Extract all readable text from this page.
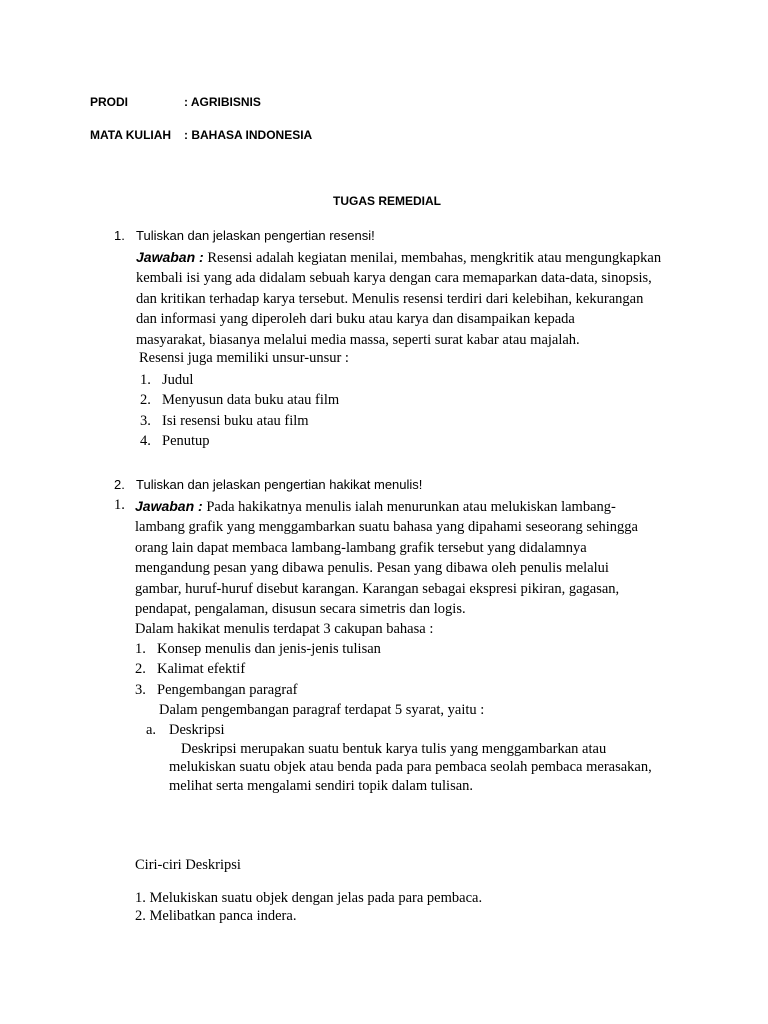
PRODI	: AGRIBISNIS
MATA KULIAH : BAHASA INDONESIA
TUGAS REMEDIAL
1. Tuliskan dan jelaskan pengertian resensi!
Jawaban : Resensi adalah kegiatan menilai, membahas, mengkritik atau mengungkapkan
kembali isi yang ada didalam sebuah karya dengan cara memaparkan data-data, sinopsis,
dan kritikan terhadap karya tersebut. Menulis resensi terdiri dari kelebihan, kekurangan
dan informasi yang diperoleh dari buku atau karya dan disampaikan kepada
masyarakat, biasanya melalui media massa, seperti surat kabar atau majalah.
Resensi juga memiliki unsur-unsur :
1. Judul
2. Menyusun data buku atau film
3. Isi resensi buku atau film
4. Penutup
2. Tuliskan dan jelaskan pengertian hakikat menulis!
1. Jawaban : Pada hakikatnya menulis ialah menurunkan atau melukiskan lambang-
lambang grafik yang menggambarkan suatu bahasa yang dipahami seseorang sehingga
orang lain dapat membaca lambang-lambang grafik tersebut yang didalamnya
mengandung pesan yang dibawa penulis. Pesan yang dibawa oleh penulis melalui
gambar, huruf-huruf disebut karangan. Karangan sebagai ekspresi pikiran, gagasan,
pendapat, pengalaman, disusun secara simetris dan logis.
Dalam hakikat menulis terdapat 3 cakupan bahasa :
1. Konsep menulis dan jenis-jenis tulisan
2. Kalimat efektif
3. Pengembangan paragraf
Dalam pengembangan paragraf terdapat 5 syarat, yaitu :
a. Deskripsi
Deskripsi merupakan suatu bentuk karya tulis yang menggambarkan atau
melukiskan suatu objek atau benda pada para pembaca seolah pembaca merasakan,
melihat serta mengalami sendiri topik dalam tulisan.
Ciri-ciri Deskripsi
1. Melukiskan suatu objek dengan jelas pada para pembaca.
2. Melibatkan panca indera.
